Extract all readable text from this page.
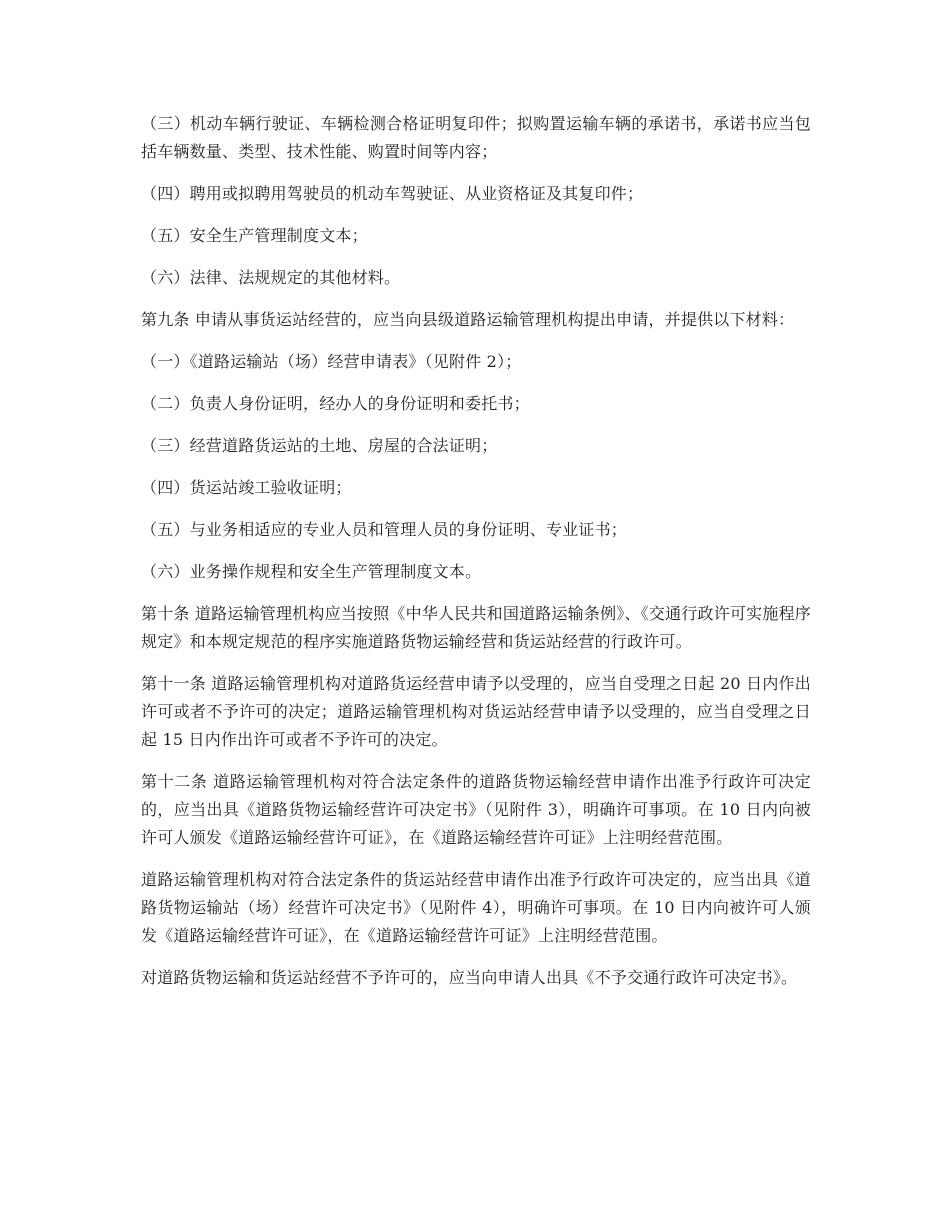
（三）机动车辆行驶证、车辆检测合格证明复印件；拟购置运输车辆的承诺书，承诺书应当包括车辆数量、类型、技术性能、购置时间等内容；

（四）聘用或拟聘用驾驶员的机动车驾驶证、从业资格证及其复印件；

（五）安全生产管理制度文本；

（六）法律、法规规定的其他材料。

第九条 申请从事货运站经营的，应当向县级道路运输管理机构提出申请，并提供以下材料：

（一）《道路运输站（场）经营申请表》（见附件 2）；

（二）负责人身份证明，经办人的身份证明和委托书；

（三）经营道路货运站的土地、房屋的合法证明；

（四）货运站竣工验收证明；

（五）与业务相适应的专业人员和管理人员的身份证明、专业证书；

（六）业务操作规程和安全生产管理制度文本。

第十条 道路运输管理机构应当按照《中华人民共和国道路运输条例》、《交通行政许可实施程序规定》和本规定规范的程序实施道路货物运输经营和货运站经营的行政许可。

第十一条 道路运输管理机构对道路货运经营申请予以受理的，应当自受理之日起 20 日内作出许可或者不予许可的决定；道路运输管理机构对货运站经营申请予以受理的，应当自受理之日起 15 日内作出许可或者不予许可的决定。

第十二条 道路运输管理机构对符合法定条件的道路货物运输经营申请作出准予行政许可决定的，应当出具《道路货物运输经营许可决定书》（见附件 3），明确许可事项。在 10 日内向被许可人颁发《道路运输经营许可证》，在《道路运输经营许可证》上注明经营范围。

道路运输管理机构对符合法定条件的货运站经营申请作出准予行政许可决定的，应当出具《道路货物运输站（场）经营许可决定书》（见附件 4），明确许可事项。在 10 日内向被许可人颁发《道路运输经营许可证》，在《道路运输经营许可证》上注明经营范围。

对道路货物运输和货运站经营不予许可的，应当向申请人出具《不予交通行政许可决定书》。
